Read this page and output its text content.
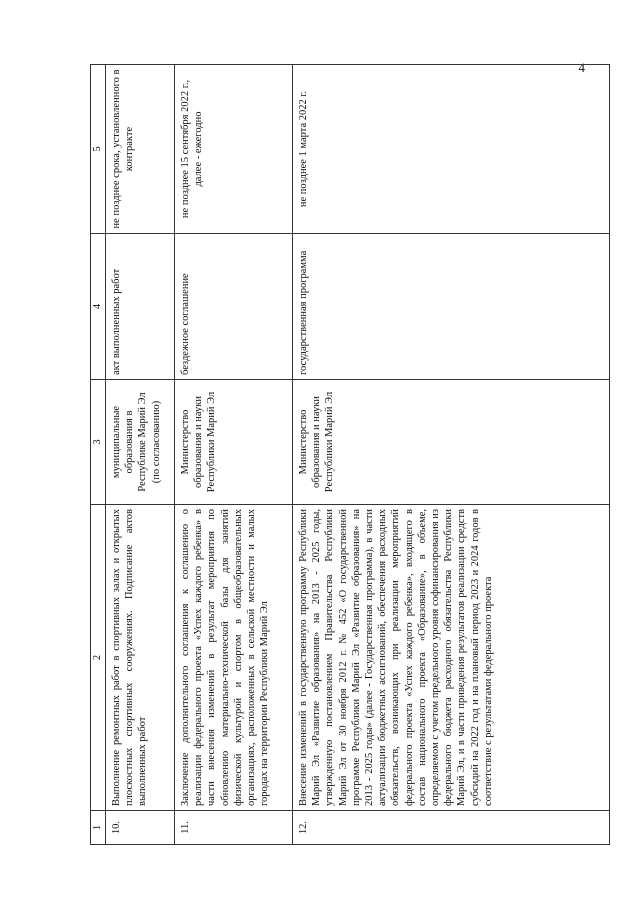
4
1	2	3	4	5
10.	Выполнение ремонтных работ в спортивных залах и открытых плоскостных спортивных сооружениях. Подписание актов выполненных работ	муниципальные образования в Республике Марий Эл (по согласованию)	акт выполненных работ	не позднее срока, установленного в контракте
11.	Заключение дополнительного соглашения к соглашению о реализации федерального проекта «Успех каждого ребенка» в части внесения изменений в результат мероприятия по обновлению материально-технической базы для занятий физической культурой и спортом в общеобразовательных организациях, расположенных в сельской местности и малых городах на территории Республики Марий Эл	Министерство образования и науки Республики Марий Эл	бездежное соглашение	не позднее 15 сентября 2022 г., далее - ежегодно
12.	Внесение изменений в государственную программу Республики Марий Эл «Развитие образования» на 2013 - 2025 годы, утвержденную постановлением Правительства Республики Марий Эл от 30 ноября 2012 г. № 452 «О государственной программе Республики Марий Эл «Развитие образования» на 2013 - 2025 годы» (далее - Государственная программа), в части актуализации бюджетных ассигнований, обеспечения расходных обязательств, возникающих при реализации мероприятий федерального проекта «Успех каждого ребенка», входящего в состав национального проекта «Образование», в объеме, определяемом с учетом предельного уровня софинансирования из федерального бюджета расходного обязательства Республики Марий Эл, и в части приведения результатов реализации средств субсидий на 2022 год и на плановый период 2023 и 2024 годов в соответствие с результатами федерального проекта	Министерство образования и науки Республики Марий Эл	государственная программа	не позднее 1 марта 2022 г.
